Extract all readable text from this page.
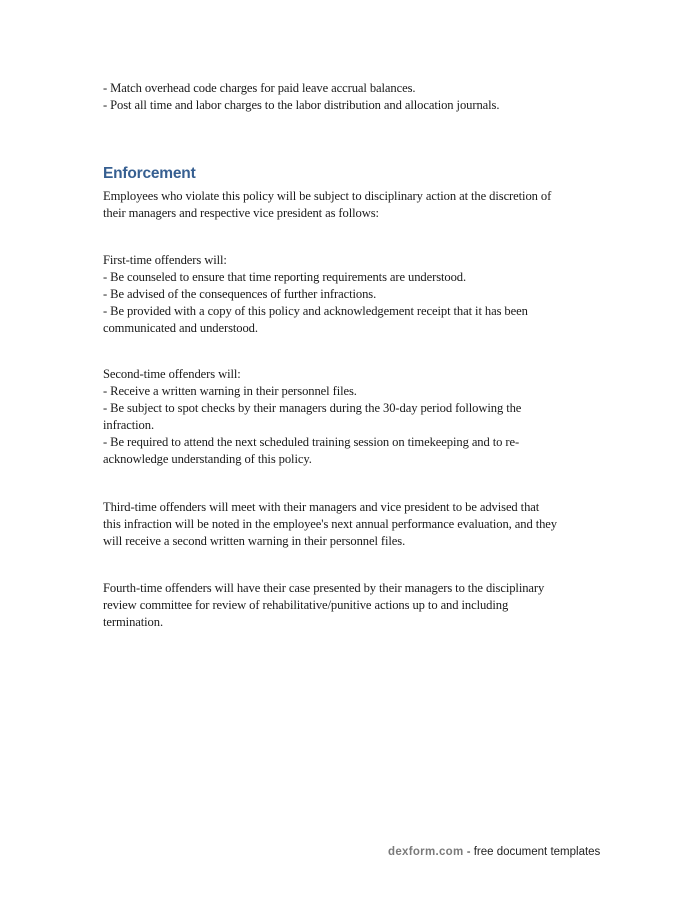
- Match overhead code charges for paid leave accrual balances.
- Post all time and labor charges to the labor distribution and allocation journals.
Enforcement
Employees who violate this policy will be subject to disciplinary action at the discretion of
their managers and respective vice president as follows:
First-time offenders will:
- Be counseled to ensure that time reporting requirements are understood.
- Be advised of the consequences of further infractions.
- Be provided with a copy of this policy and acknowledgement receipt that it has been
communicated and understood.
Second-time offenders will:
- Receive a written warning in their personnel files.
- Be subject to spot checks by their managers during the 30-day period following the
infraction.
- Be required to attend the next scheduled training session on timekeeping and to re-
acknowledge understanding of this policy.
Third-time offenders will meet with their managers and vice president to be advised that
this infraction will be noted in the employee's next annual performance evaluation, and they
will receive a second written warning in their personnel files.
Fourth-time offenders will have their case presented by their managers to the disciplinary
review committee for review of rehabilitative/punitive actions up to and including
termination.
dexform.com - free document templates
